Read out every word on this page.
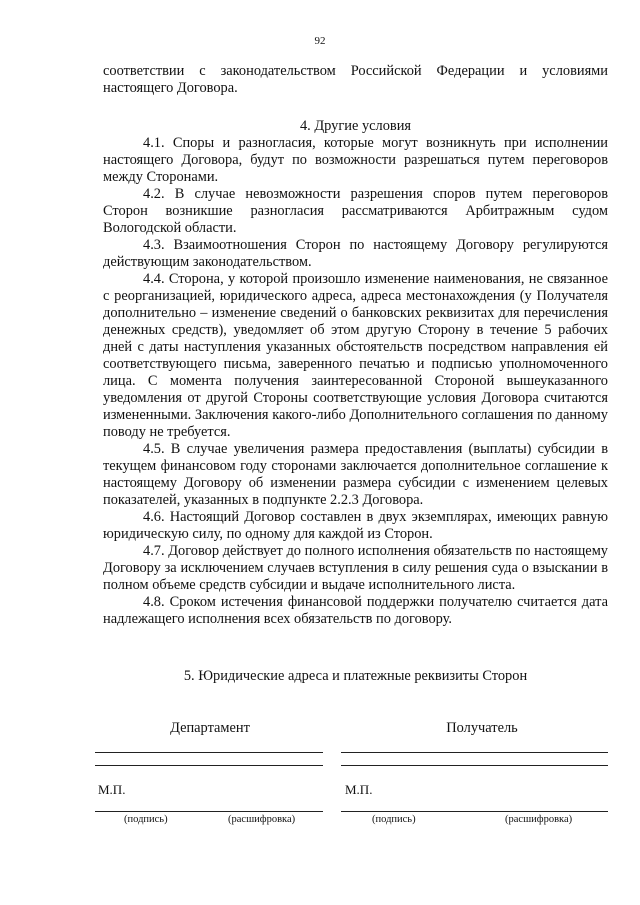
92

соответствии с законодательством Российской Федерации и условиями настоящего Договора.

4. Другие условия

4.1. Споры и разногласия, которые могут возникнуть при исполнении настоящего Договора, будут по возможности разрешаться путем переговоров между Сторонами.

4.2. В случае невозможности разрешения споров путем переговоров Сторон возникшие разногласия рассматриваются Арбитражным судом Вологодской области.

4.3. Взаимоотношения Сторон по настоящему Договору регулируются действующим законодательством.

4.4. Сторона, у которой произошло изменение наименования, не связанное с реорганизацией, юридического адреса, адреса местонахождения (у Получателя дополнительно – изменение сведений о банковских реквизитах для перечисления денежных средств), уведомляет об этом другую Сторону в течение 5 рабочих дней с даты наступления указанных обстоятельств посредством направления ей соответствующего письма, заверенного печатью и подписью уполномоченного лица. С момента получения заинтересованной Стороной вышеуказанного уведомления от другой Стороны соответствующие условия Договора считаются измененными. Заключения какого-либо Дополнительного соглашения по данному поводу не требуется.

4.5. В случае увеличения размера предоставления (выплаты) субсидии в текущем финансовом году сторонами заключается дополнительное соглашение к настоящему Договору об изменении размера субсидии с изменением целевых показателей, указанных в подпункте 2.2.3 Договора.

4.6. Настоящий Договор составлен в двух экземплярах, имеющих равную юридическую силу, по одному для каждой из Сторон.

4.7. Договор действует до полного исполнения обязательств по настоящему Договору за исключением случаев вступления в силу решения суда о взыскании в полном объеме средств субсидии и выдаче исполнительного листа.

4.8. Сроком истечения финансовой поддержки получателю считается дата надлежащего исполнения всех обязательств по договору.

5. Юридические адреса и платежные реквизиты Сторон

Департамент
М.П.
(подпись)	(расшифровка)
Получатель
М.П.
(подпись)	(расшифровка)
